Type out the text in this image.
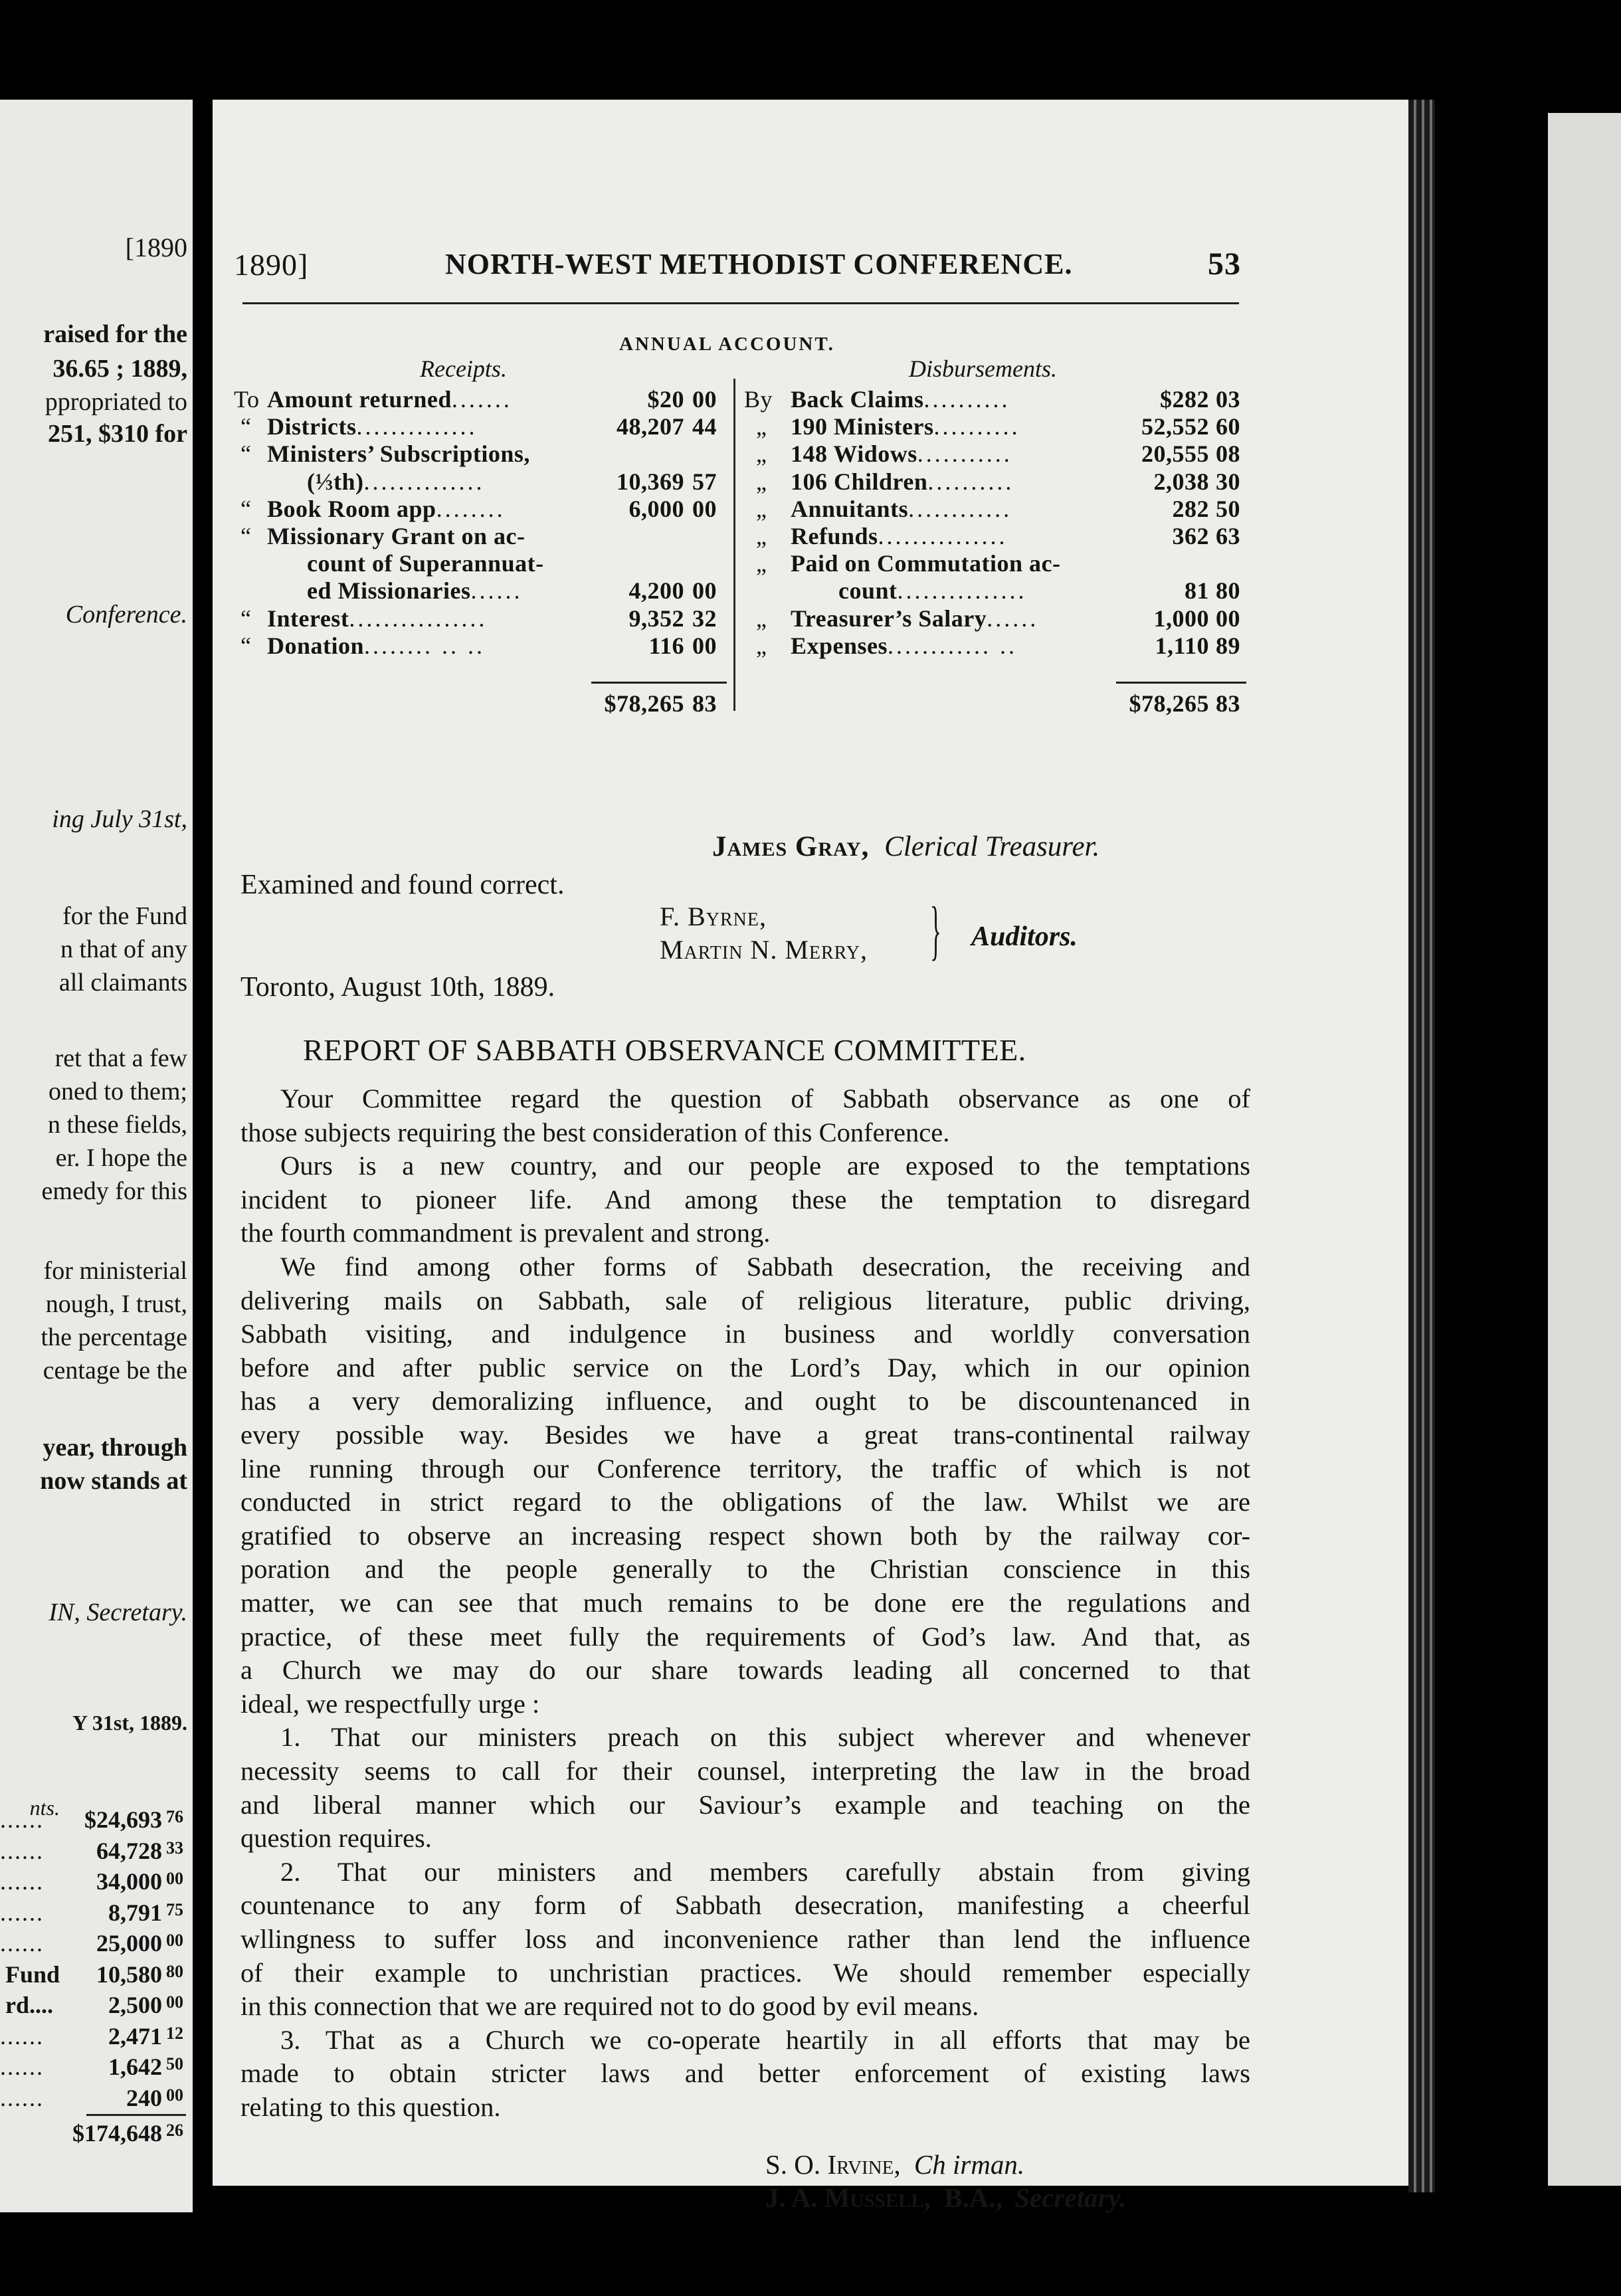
[1890
raised for the
36.65 ; 1889,
ppropriated to
251, $310 for
Conference.
ing July 31st,
for the Fund
n that of any
all claimants
ret that a few
oned to them;
n these fields,
er. I hope the
emedy for this
for ministerial
nough, I trust,
the percentage
centage be the
year, through
now stands at
IN, Secretary.
Y 31st, 1889.
nts.
...... $24,693 76
...... 64,728 33
...... 34,000 00
......	8,791 75
...... 25,000 00
Fund 10,580 80
rd.... 2,500 00
......	2,471 12
......	1,642 50
......	240 00
$174,648 26
1890]	NORTH-WEST METHODIST CONFERENCE.	53
ANNUAL ACCOUNT.
Receipts.	Disbursements.
To Amount returned.......	$20 00
“ Districts..............	48,207 44
“ Ministers’ Subscriptions,
(⅓th)..............	10,369 57
“ Book Room app........	6,000 00
“ Missionary Grant on ac-
count of Superannuat-
ed Missionaries......	4,200 00
“ Interest................	9,352 32
“ Donation........ .. ..	116 00
By Back Claims..........	$282 03
„ 190 Ministers..........	52,552 60
„ 148 Widows...........	20,555 08
„ 106 Children..........	2,038 30
„ Annuitants............	282 50
„ Refunds...............	362 63
„ Paid on Commutation ac-
count...............	81 80
„ Treasurer’s Salary......	1,000 00
„ Expenses............ ..	1,110 89
$78,265 83	$78,265 83
James Gray, Clerical Treasurer.
Examined and found correct.
F. Byrne,
Martin N. Merry, } Auditors.
Toronto, August 10th, 1889.
REPORT OF SABBATH OBSERVANCE COMMITTEE.
Your Committee regard the question of Sabbath observance as one of
those subjects requiring the best consideration of this Conference.
Ours is a new country, and our people are exposed to the temptations
incident to pioneer life. And among these the temptation to disregard
the fourth commandment is prevalent and strong.
We find among other forms of Sabbath desecration, the receiving and
delivering mails on Sabbath, sale of religious literature, public driving,
Sabbath visiting, and indulgence in business and worldly conversation
before and after public service on the Lord’s Day, which in our opinion
has a very demoralizing influence, and ought to be discountenanced in
every possible way. Besides we have a great trans-continental railway
line running through our Conference territory, the traffic of which is not
conducted in strict regard to the obligations of the law. Whilst we are
gratified to observe an increasing respect shown both by the railway cor-
poration and the people generally to the Christian conscience in this
matter, we can see that much remains to be done ere the regulations and
practice, of these meet fully the requirements of God’s law. And that, as
a Church we may do our share towards leading all concerned to that
ideal, we respectfully urge :
1. That our ministers preach on this subject wherever and whenever
necessity seems to call for their counsel, interpreting the law in the broad
and liberal manner which our Saviour’s example and teaching on the
question requires.
2. That our ministers and members carefully abstain from giving
countenance to any form of Sabbath desecration, manifesting a cheerful
wllingness to suffer loss and inconvenience rather than lend the influence
of their example to unchristian practices. We should remember especially
in this connection that we are required not to do good by evil means.
3. That as a Church we co-operate heartily in all efforts that may be
made to obtain stricter laws and better enforcement of existing laws
relating to this question.
S. O. Irvine, Ch irman.
J. A. Mussell, B.A., Secretary.
